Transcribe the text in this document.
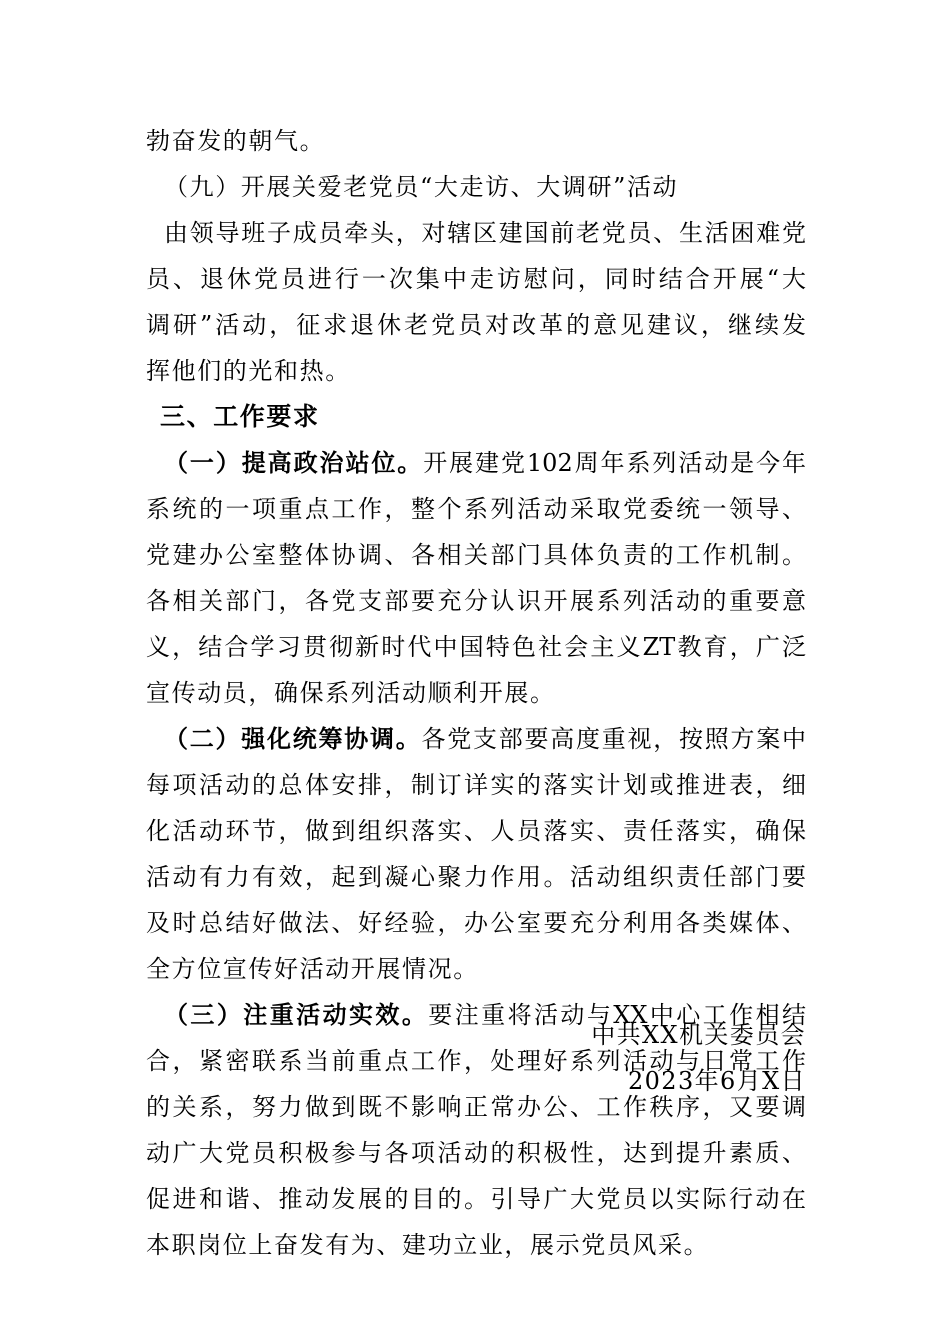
勃奋发的朝气。
（九）开展关爱老党员“大走访、大调研”活动
由领导班子成员牵头，对辖区建国前老党员、生活困难党
员、退休党员进行一次集中走访慰问，同时结合开展“大
调研”活动，征求退休老党员对改革的意见建议，继续发
挥他们的光和热。
三、工作要求
（一）提高政治站位。开展建党102周年系列活动是今年
系统的一项重点工作，整个系列活动采取党委统一领导、
党建办公室整体协调、各相关部门具体负责的工作机制。
各相关部门，各党支部要充分认识开展系列活动的重要意
义，结合学习贯彻新时代中国特色社会主义ZT教育，广泛
宣传动员，确保系列活动顺利开展。
（二）强化统筹协调。各党支部要高度重视，按照方案中
每项活动的总体安排，制订详实的落实计划或推进表，细
化活动环节，做到组织落实、人员落实、责任落实，确保
活动有力有效，起到凝心聚力作用。活动组织责任部门要
及时总结好做法、好经验，办公室要充分利用各类媒体、
全方位宣传好活动开展情况。
（三）注重活动实效。要注重将活动与XX中心工作相结
合，紧密联系当前重点工作，处理好系列活动与日常工作
的关系，努力做到既不影响正常办公、工作秩序，又要调
动广大党员积极参与各项活动的积极性，达到提升素质、
促进和谐、推动发展的目的。引导广大党员以实际行动在
本职岗位上奋发有为、建功立业，展示党员风采。
中共XX机关委员会
2023年6月X日
